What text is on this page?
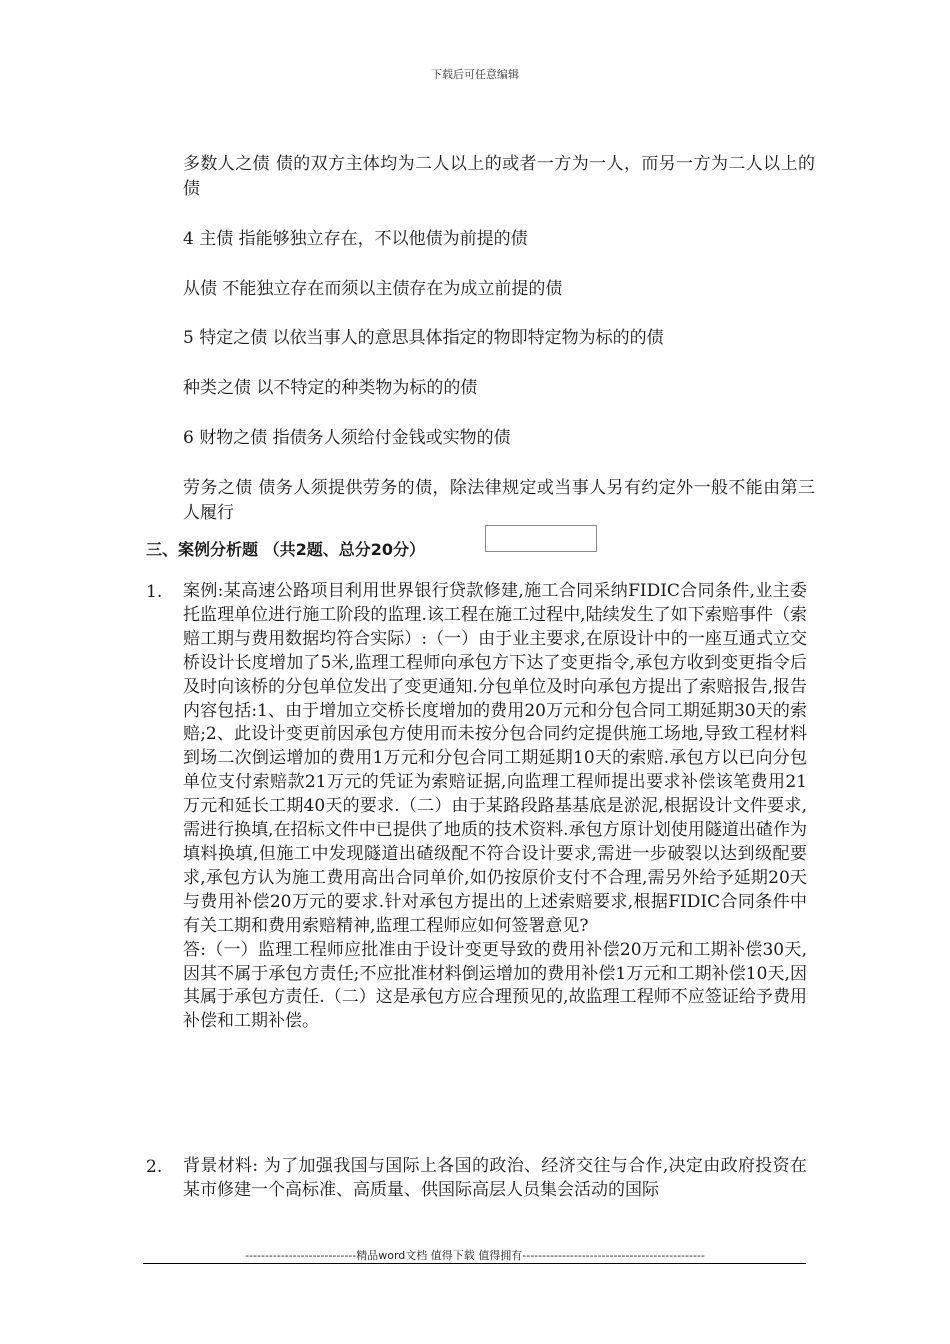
下载后可任意编辑

多数人之债 债的双方主体均为二人以上的或者一方为一人，而另一方为二人以上的债

4 主债 指能够独立存在，不以他债为前提的债

从债 不能独立存在而须以主债存在为成立前提的债

5 特定之债 以依当事人的意思具体指定的物即特定物为标的的债

种类之债 以不特定的种类物为标的的债

6 财物之债 指债务人须给付金钱或实物的债

劳务之债 债务人须提供劳务的债，除法律规定或当事人另有约定外一般不能由第三人履行

三、案例分析题 （共2题、总分20分）

1. 案例:某高速公路项目利用世界银行贷款修建,施工合同采纳FIDIC合同条件,业主委托监理单位进行施工阶段的监理.该工程在施工过程中,陆续发生了如下索赔事件（索赔工期与费用数据均符合实际）:（一）由于业主要求,在原设计中的一座互通式立交桥设计长度增加了5米,监理工程师向承包方下达了变更指令,承包方收到变更指令后及时向该桥的分包单位发出了变更通知.分包单位及时向承包方提出了索赔报告,报告内容包括:1、由于增加立交桥长度增加的费用20万元和分包合同工期延期30天的索赔;2、此设计变更前因承包方使用而未按分包合同约定提供施工场地,导致工程材料到场二次倒运增加的费用1万元和分包合同工期延期10天的索赔.承包方以已向分包单位支付索赔款21万元的凭证为索赔证据,向监理工程师提出要求补偿该笔费用21万元和延长工期40天的要求.（二）由于某路段路基基底是淤泥,根据设计文件要求,需进行换填,在招标文件中已提供了地质的技术资料.承包方原计划使用隧道出碴作为填料换填,但施工中发现隧道出碴级配不符合设计要求,需进一步破裂以达到级配要求,承包方认为施工费用高出合同单价,如仍按原价支付不合理,需另外给予延期20天与费用补偿20万元的要求.针对承包方提出的上述索赔要求,根据FIDIC合同条件中有关工期和费用索赔精神,监理工程师应如何签署意见?

答:（一）监理工程师应批准由于设计变更导致的费用补偿20万元和工期补偿30天,因其不属于承包方责任;不应批准材料倒运增加的费用补偿1万元和工期补偿10天,因其属于承包方责任.（二）这是承包方应合理预见的,故监理工程师不应签证给予费用补偿和工期补偿。

2. 背景材料: 为了加强我国与国际上各国的政治、经济交往与合作,决定由政府投资在某市修建一个高标准、高质量、供国际高层人员集会活动的国际

----------------------------精品word文档 值得下载 值得拥有----------------------------------------------
